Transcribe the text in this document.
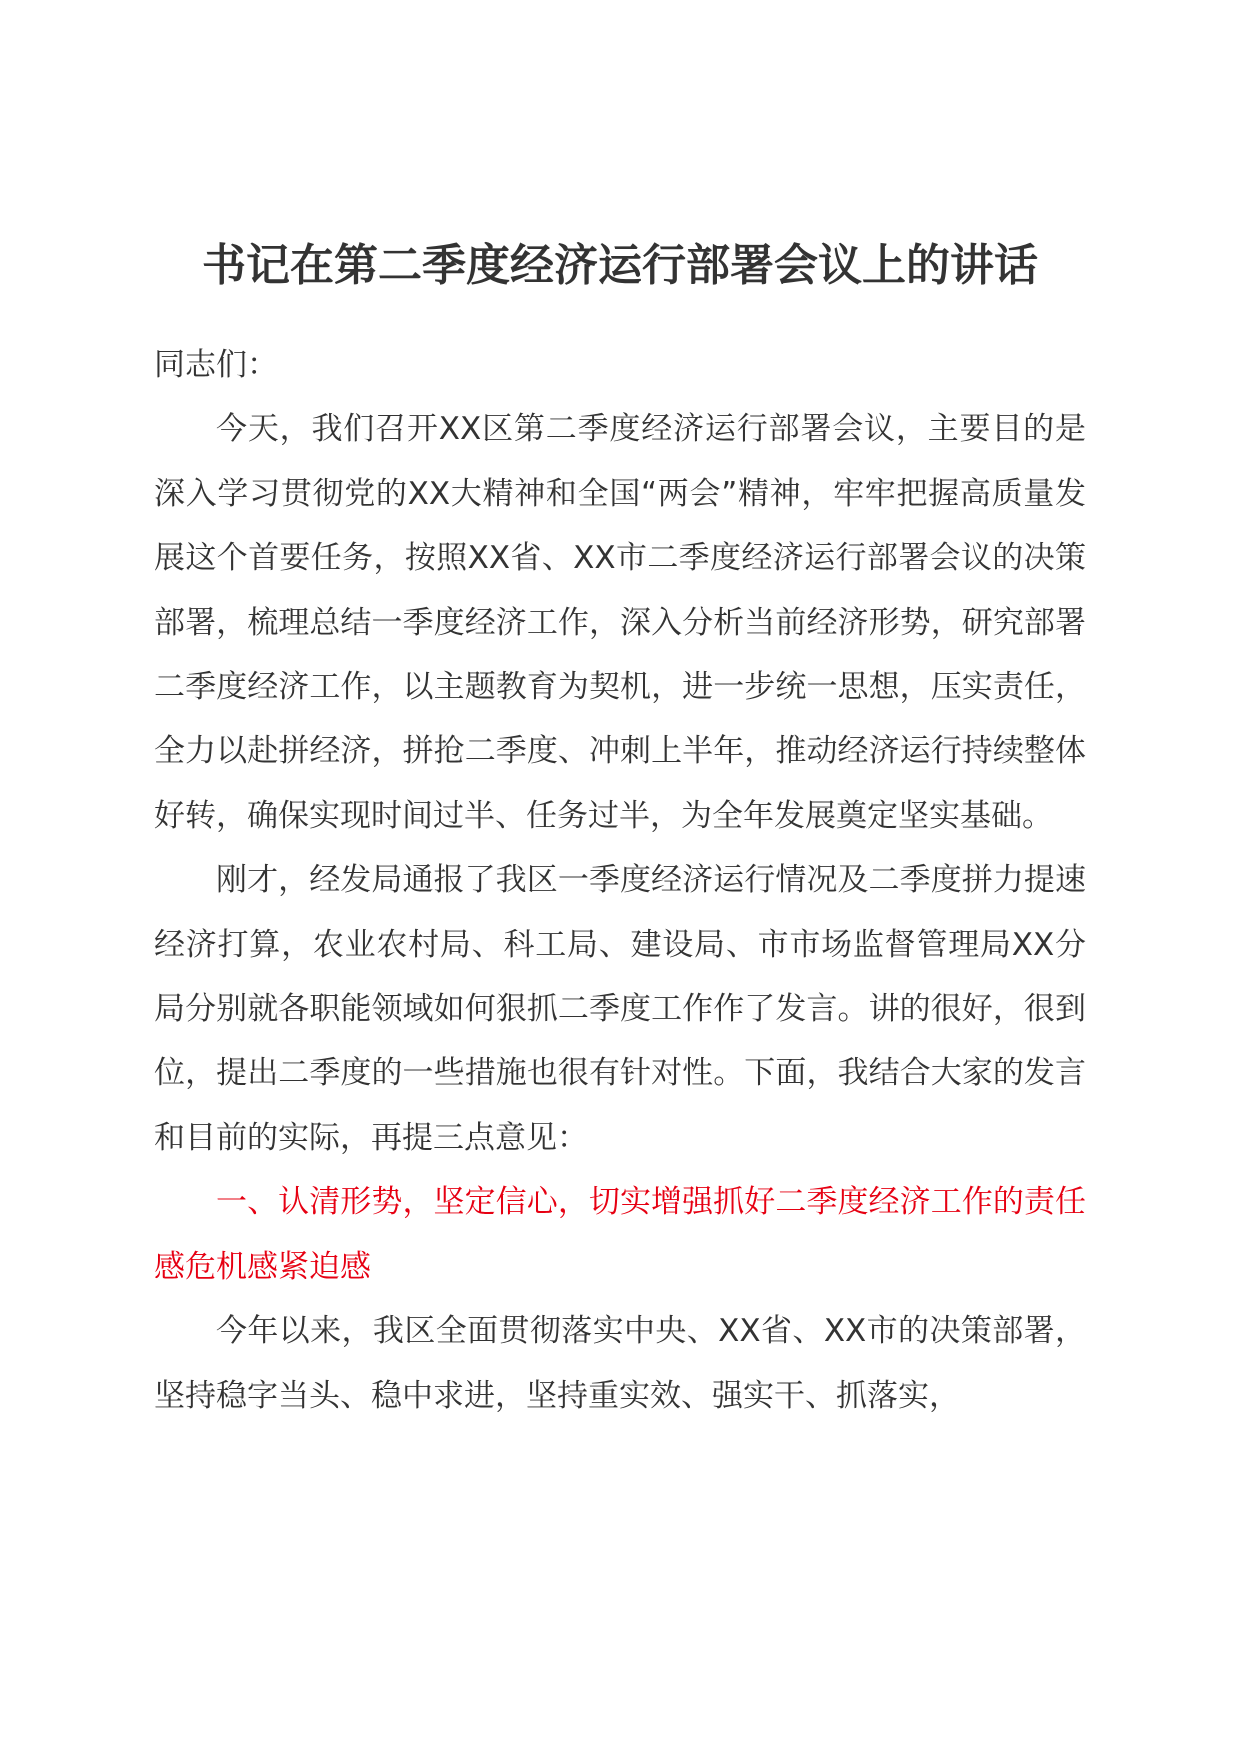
书记在第二季度经济运行部署会议上的讲话

同志们：

今天，我们召开XX区第二季度经济运行部署会议，主要目的是深入学习贯彻党的XX大精神和全国“两会”精神，牢牢把握高质量发展这个首要任务，按照XX省、XX市二季度经济运行部署会议的决策部署，梳理总结一季度经济工作，深入分析当前经济形势，研究部署二季度经济工作，以主题教育为契机，进一步统一思想，压实责任，全力以赴拼经济，拼抢二季度、冲刺上半年，推动经济运行持续整体好转，确保实现时间过半、任务过半，为全年发展奠定坚实基础。

刚才，经发局通报了我区一季度经济运行情况及二季度拼力提速经济打算，农业农村局、科工局、建设局、市市场监督管理局XX分局分别就各职能领域如何狠抓二季度工作作了发言。讲的很好，很到位，提出二季度的一些措施也很有针对性。下面，我结合大家的发言和目前的实际，再提三点意见：

一、认清形势，坚定信心，切实增强抓好二季度经济工作的责任感危机感紧迫感

今年以来，我区全面贯彻落实中央、XX省、XX市的决策部署，坚持稳字当头、稳中求进，坚持重实效、强实干、抓落实，
